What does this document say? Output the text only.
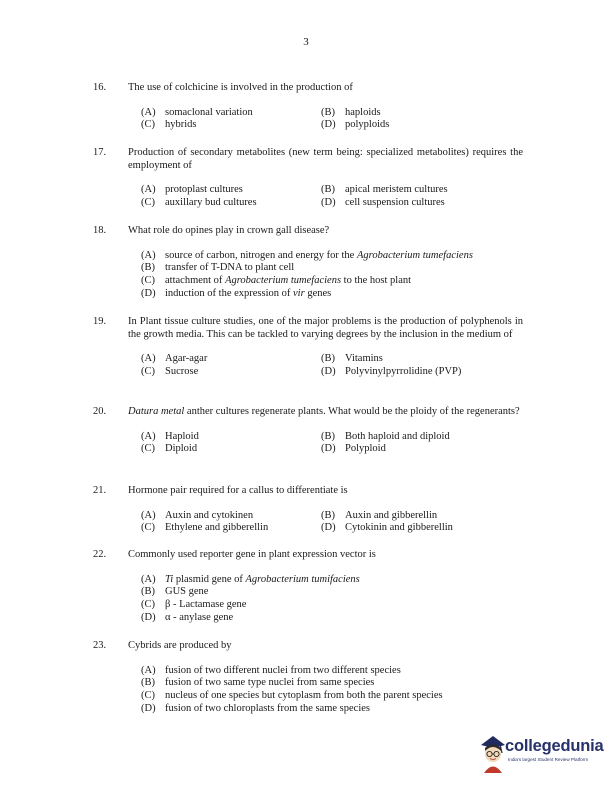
3
16.	The use of colchicine is involved in the production of
(A) somaclonal variation	(B) haploids
(C) hybrids	(D) polyploids
17.	Production of secondary metabolites (new term being: specialized metabolites) requires the employment of
(A) protoplast cultures	(B) apical meristem cultures
(C) auxillary bud cultures	(D) cell suspension cultures
18.	What role do opines play in crown gall disease?
(A) source of carbon, nitrogen and energy for the Agrobacterium tumefaciens
(B) transfer of T-DNA to plant cell
(C) attachment of Agrobacterium tumefaciens to the host plant
(D) induction of the expression of vir genes
19.	In Plant tissue culture studies, one of the major problems is the production of polyphenols in the growth media. This can be tackled to varying degrees by the inclusion in the medium of
(A) Agar-agar	(B) Vitamins
(C) Sucrose	(D) Polyvinylpyrrolidine (PVP)
20.	Datura metal anther cultures regenerate plants. What would be the ploidy of the regenerants?
(A) Haploid	(B) Both haploid and diploid
(C) Diploid	(D) Polyploid
21.	Hormone pair required for a callus to differentiate is
(A) Auxin and cytokinen	(B) Auxin and gibberellin
(C) Ethylene and gibberellin	(D) Cytokinin and gibberellin
22.	Commonly used reporter gene in plant expression vector is
(A) Ti plasmid gene of Agrobacterium tumifaciens
(B) GUS gene
(C) β - Lactamase gene
(D) α - anylase gene
23.	Cybrids are produced by
(A) fusion of two different nuclei from two different species
(B) fusion of two same type nuclei from same species
(C) nucleus of one species but cytoplasm from both the parent species
(D) fusion of two chloroplasts from the same species
collegedunia
India's largest Student Review Platform
